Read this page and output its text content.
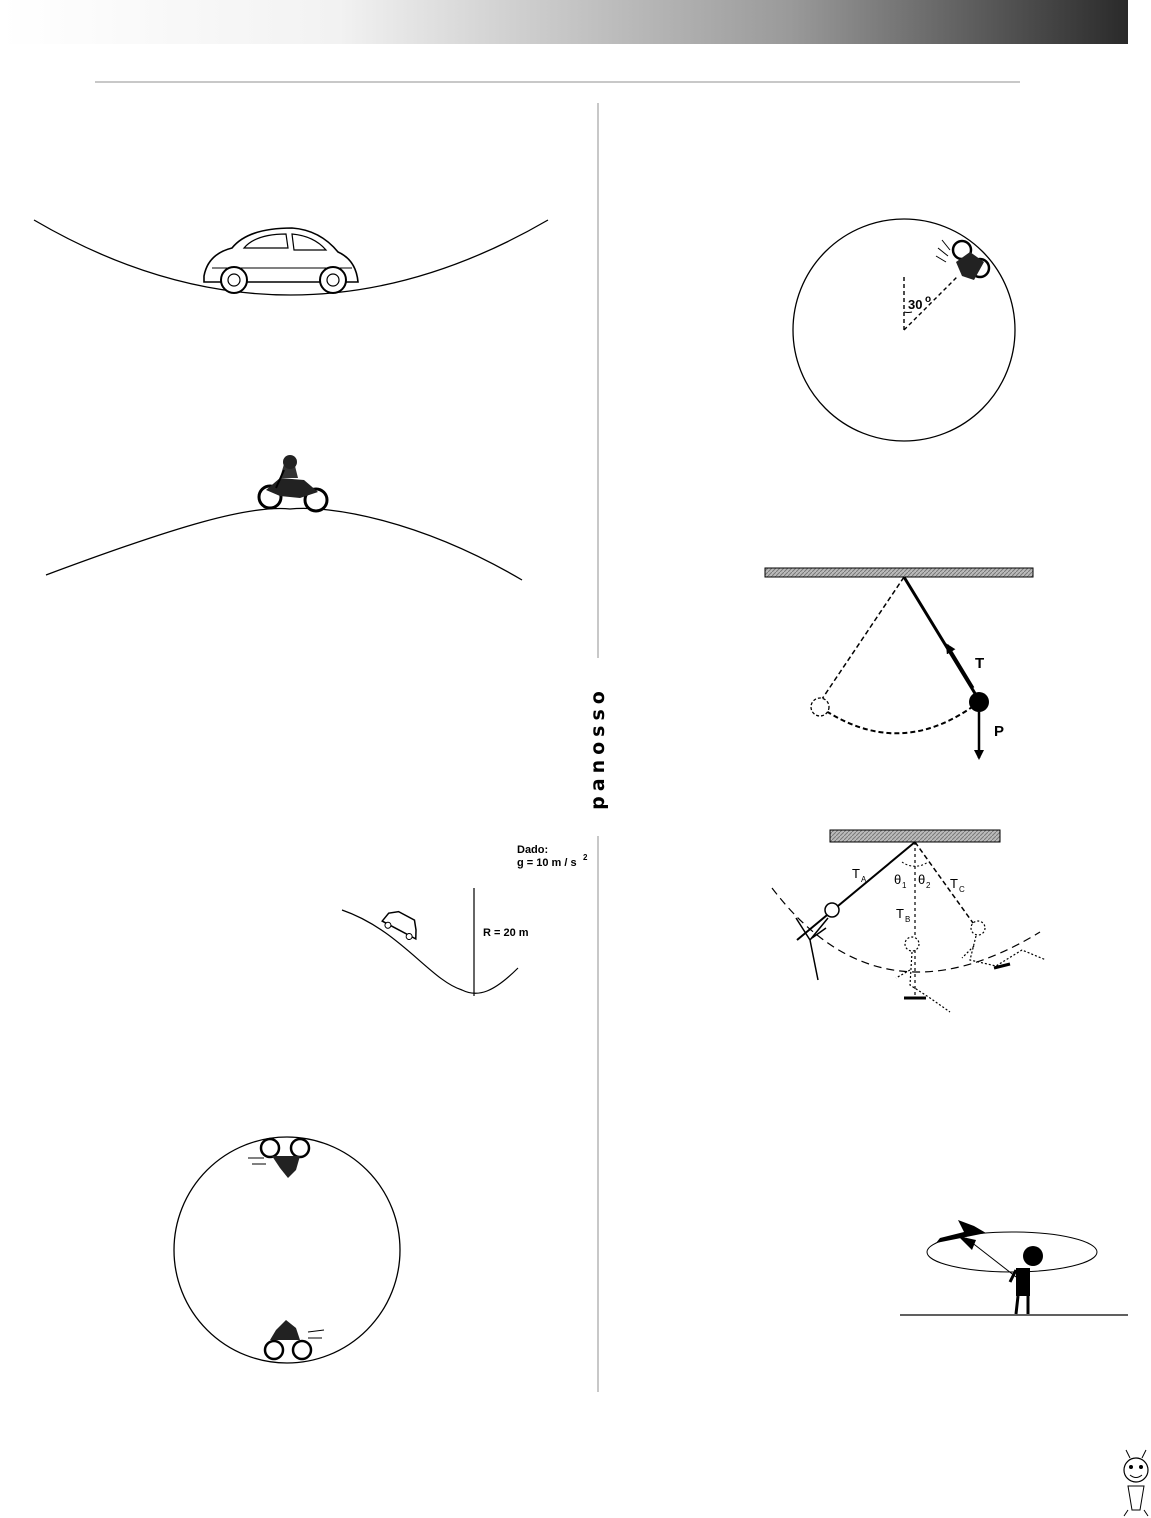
panosso
30 o
T
P
Dado:
g = 10 m / s 2
R = 20 m
T A
T B
T C
θ 1 θ 2
